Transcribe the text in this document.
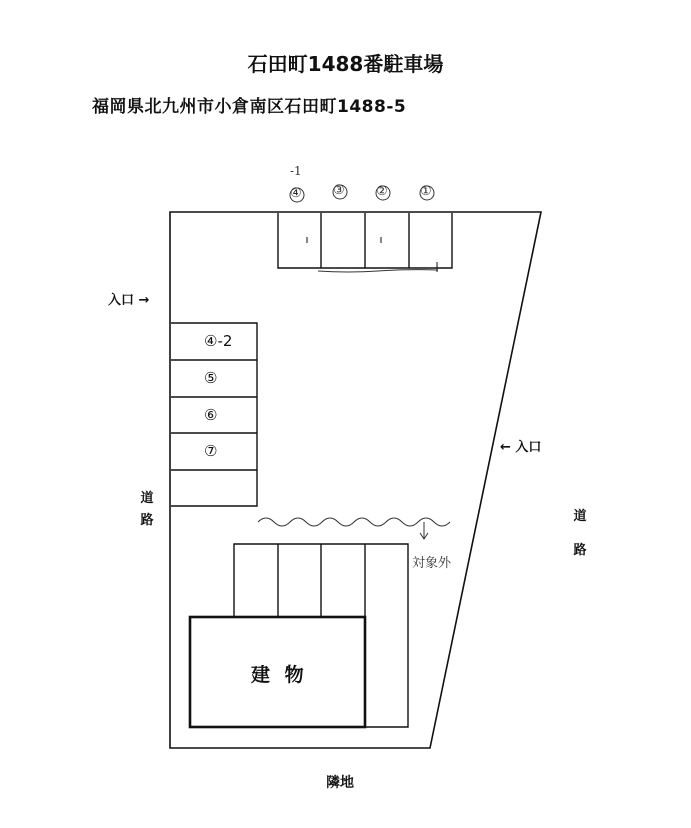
石田町1488番駐車場
福岡県北九州市小倉南区石田町1488-5
-1
④ ③ ② ①
④-2
⑤
⑥
⑦
入口 →
← 入口
道
路	道

路
建 物
隣地
対象外
